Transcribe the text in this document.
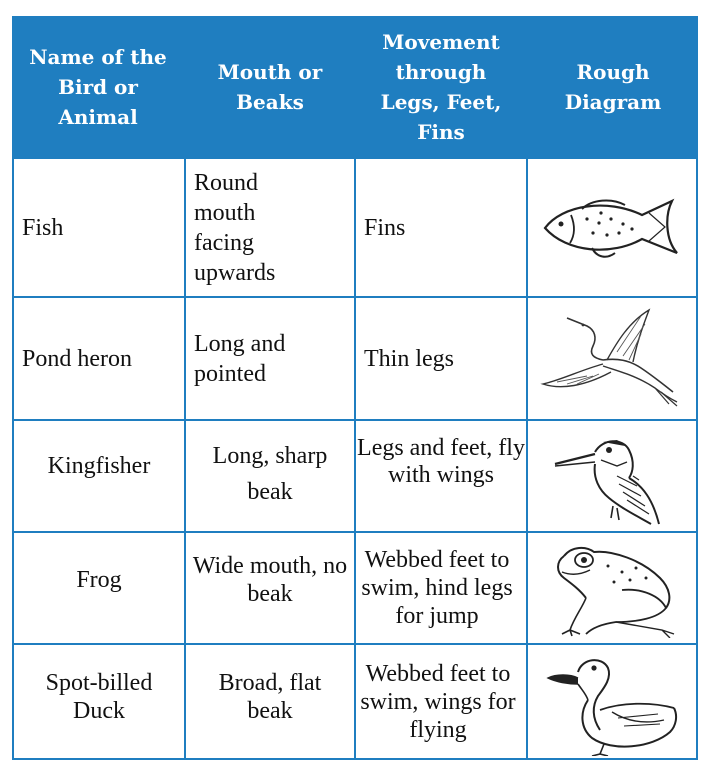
Name of the Bird or Animal
Mouth or Beaks
Movement through Legs, Feet, Fins
Rough Diagram
Fish
Round mouth facing upwards
Fins
Pond heron
Long and pointed
Thin legs
Kingfisher	Long, sharp beak
Legs and feet, fly with wings
Frog
Wide mouth, no beak
Webbed feet to swim, hind legs for jump
Spot-billed Duck
Broad, flat beak
Webbed feet to swim, wings for flying
